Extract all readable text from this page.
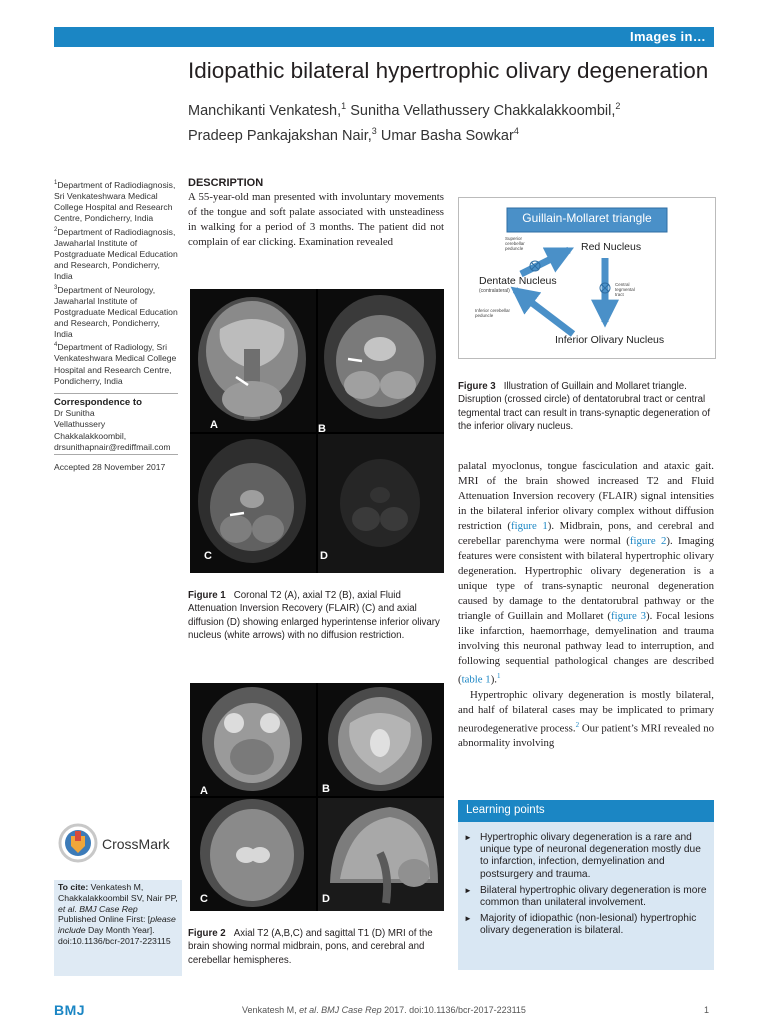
Images in…
Idiopathic bilateral hypertrophic olivary degeneration
Manchikanti Venkatesh,$^1$ Sunitha Vellathussery Chakkalakkoombil,$^2$
Pradeep Pankajakshan Nair,$^3$ Umar Basha Sowkar$^4$
$^1$Department of Radiodiagnosis, Sri Venkateshwara Medical College Hospital and Research Centre, Pondicherry, India
$^2$Department of Radiodiagnosis, Jawaharlal Institute of Postgraduate Medical Education and Research, Pondicherry, India
$^3$Department of Neurology, Jawaharlal Institute of Postgraduate Medical Education and Research, Pondicherry, India
$^4$Department of Radiology, Sri Venkateshwara Medical College Hospital and Research Centre, Pondicherry, India
Correspondence to
Dr Sunitha
Vellathussery Chakkalakkoombil,
drsunithapnair@rediffmail.com
Accepted 28 November 2017
CrossMark
To cite: Venkatesh M, Chakkalakkoombil SV, Nair PP, et al. BMJ Case Rep Published Online First: [please include Day Month Year]. doi:10.1136/bcr-2017-223115
DESCRIPTION
A 55-year-old man presented with involuntary movements of the tongue and soft palate associated with unsteadiness in walking for a period of 3 months. The patient did not complain of ear clicking. Examination revealed
A	B
C	D
Figure 1 Coronal T2 (A), axial T2 (B), axial Fluid Attenuation Inversion Recovery (FLAIR) (C) and axial diffusion (D) showing enlarged hyperintense inferior olivary nucleus (white arrows) with no diffusion restriction.
A	B
C	D
Figure 2 Axial T2 (A,B,C) and sagittal T1 (D) MRI of the brain showing normal midbrain, pons, and cerebral and cerebellar hemispheres.
Guillain-Mollaret triangle
Red Nucleus
Dentate Nucleus
(contralateral)
Inferior Olivary Nucleus
Superior
cerebellar
peduncle
Central
tegmental
tract
Inferior cerebellar
peduncle
Figure 3 Illustration of Guillain and Mollaret triangle. Disruption (crossed circle) of dentatorubral tract or central tegmental tract can result in trans-synaptic degeneration of the inferior olivary nucleus.

palatal myoclonus, tongue fasciculation and ataxic gait. MRI of the brain showed increased T2 and Fluid Attenuation Inversion recovery (FLAIR) signal intensities in the bilateral inferior olivary complex without diffusion restriction (figure 1). Midbrain, pons, and cerebral and cerebellar parenchyma were normal (figure 2). Imaging features were consistent with bilateral hypertrophic olivary degeneration. Hypertrophic olivary degeneration is a unique type of trans-synaptic neuronal degeneration caused by damage to the dentatorubral pathway or the triangle of Guillain and Mollaret (figure 3). Focal lesions like infarction, haemorrhage, demyelination and trauma involving this neuronal pathway lead to interruption, and following sequential pathological changes are described (table 1).$^1$

Hypertrophic olivary degeneration is mostly bilateral, and half of bilateral cases may be implicated to primary neurodegenerative process.$^2$ Our patient’s MRI revealed no abnormality involving

Learning points
► Hypertrophic olivary degeneration is a rare and unique type of neuronal degeneration mostly due to infarction, infection, demyelination and postsurgery and trauma.
► Bilateral hypertrophic olivary degeneration is more common than unilateral involvement.
► Majority of idiopathic (non-lesional) hypertrophic olivary degeneration is bilateral.
BMJ	Venkatesh M, et al. BMJ Case Rep 2017. doi:10.1136/bcr-2017-223115	1
